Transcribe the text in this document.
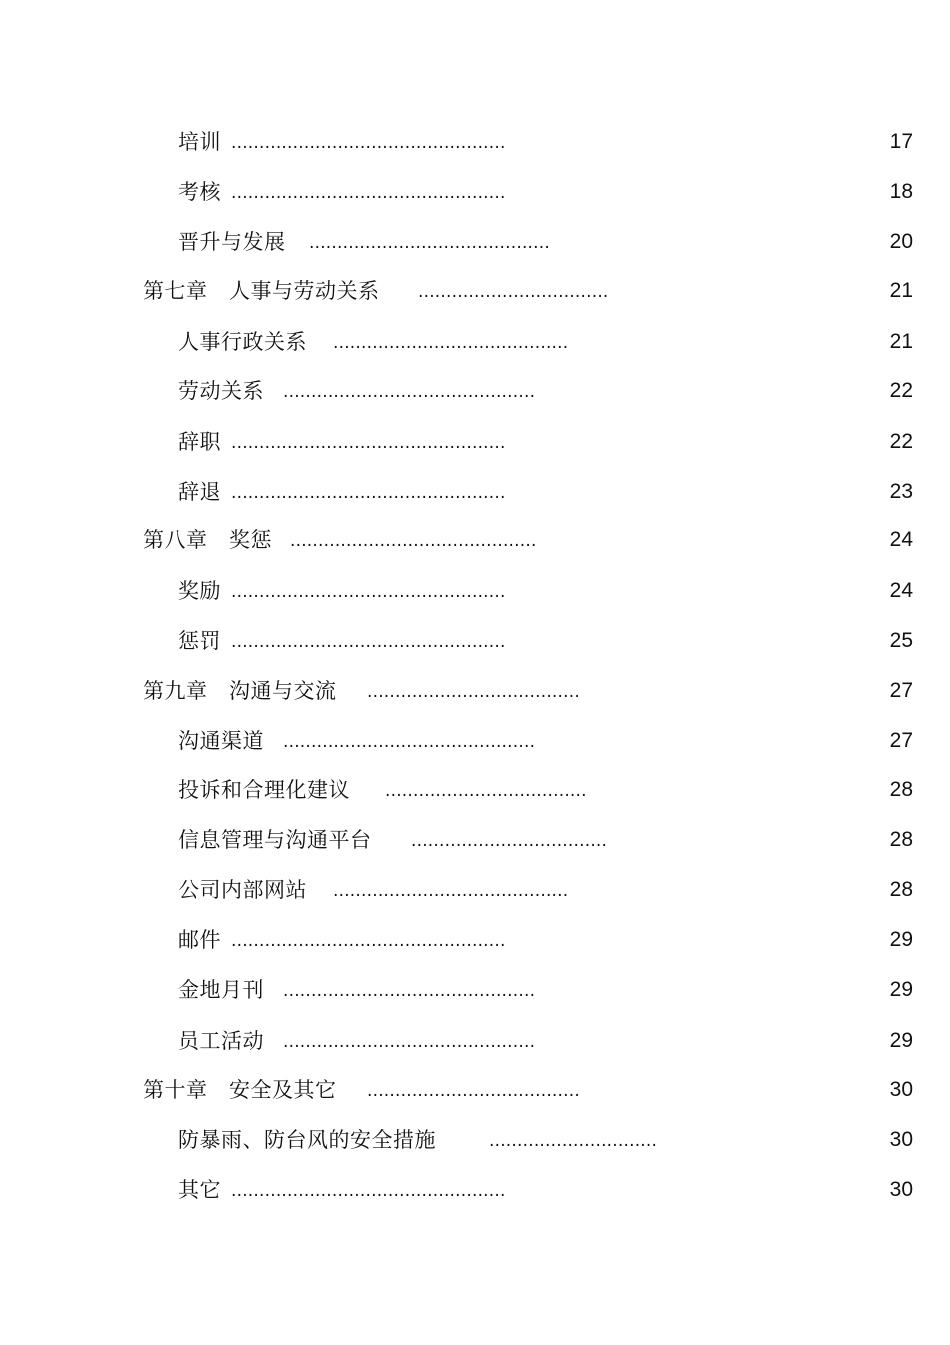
培训 .................................................	17
考核 .................................................	18
晋升与发展 ...........................................	20
第七章　人事与劳动关系 ..................................	21
人事行政关系 ..........................................	21
劳动关系 .............................................	22
辞职 .................................................	22
辞退 .................................................	23
第八章　奖惩 ............................................	24
奖励 .................................................	24
惩罚 .................................................	25
第九章　沟通与交流 ......................................	27
沟通渠道 .............................................	27
投诉和合理化建议 ....................................	28
信息管理与沟通平台 ...................................	28
公司内部网站 ..........................................	28
邮件 .................................................	29
金地月刊 .............................................	29
员工活动 .............................................	29
第十章　安全及其它 ......................................	30
防暴雨、防台风的安全措施	..............................	30
其它 .................................................	30
